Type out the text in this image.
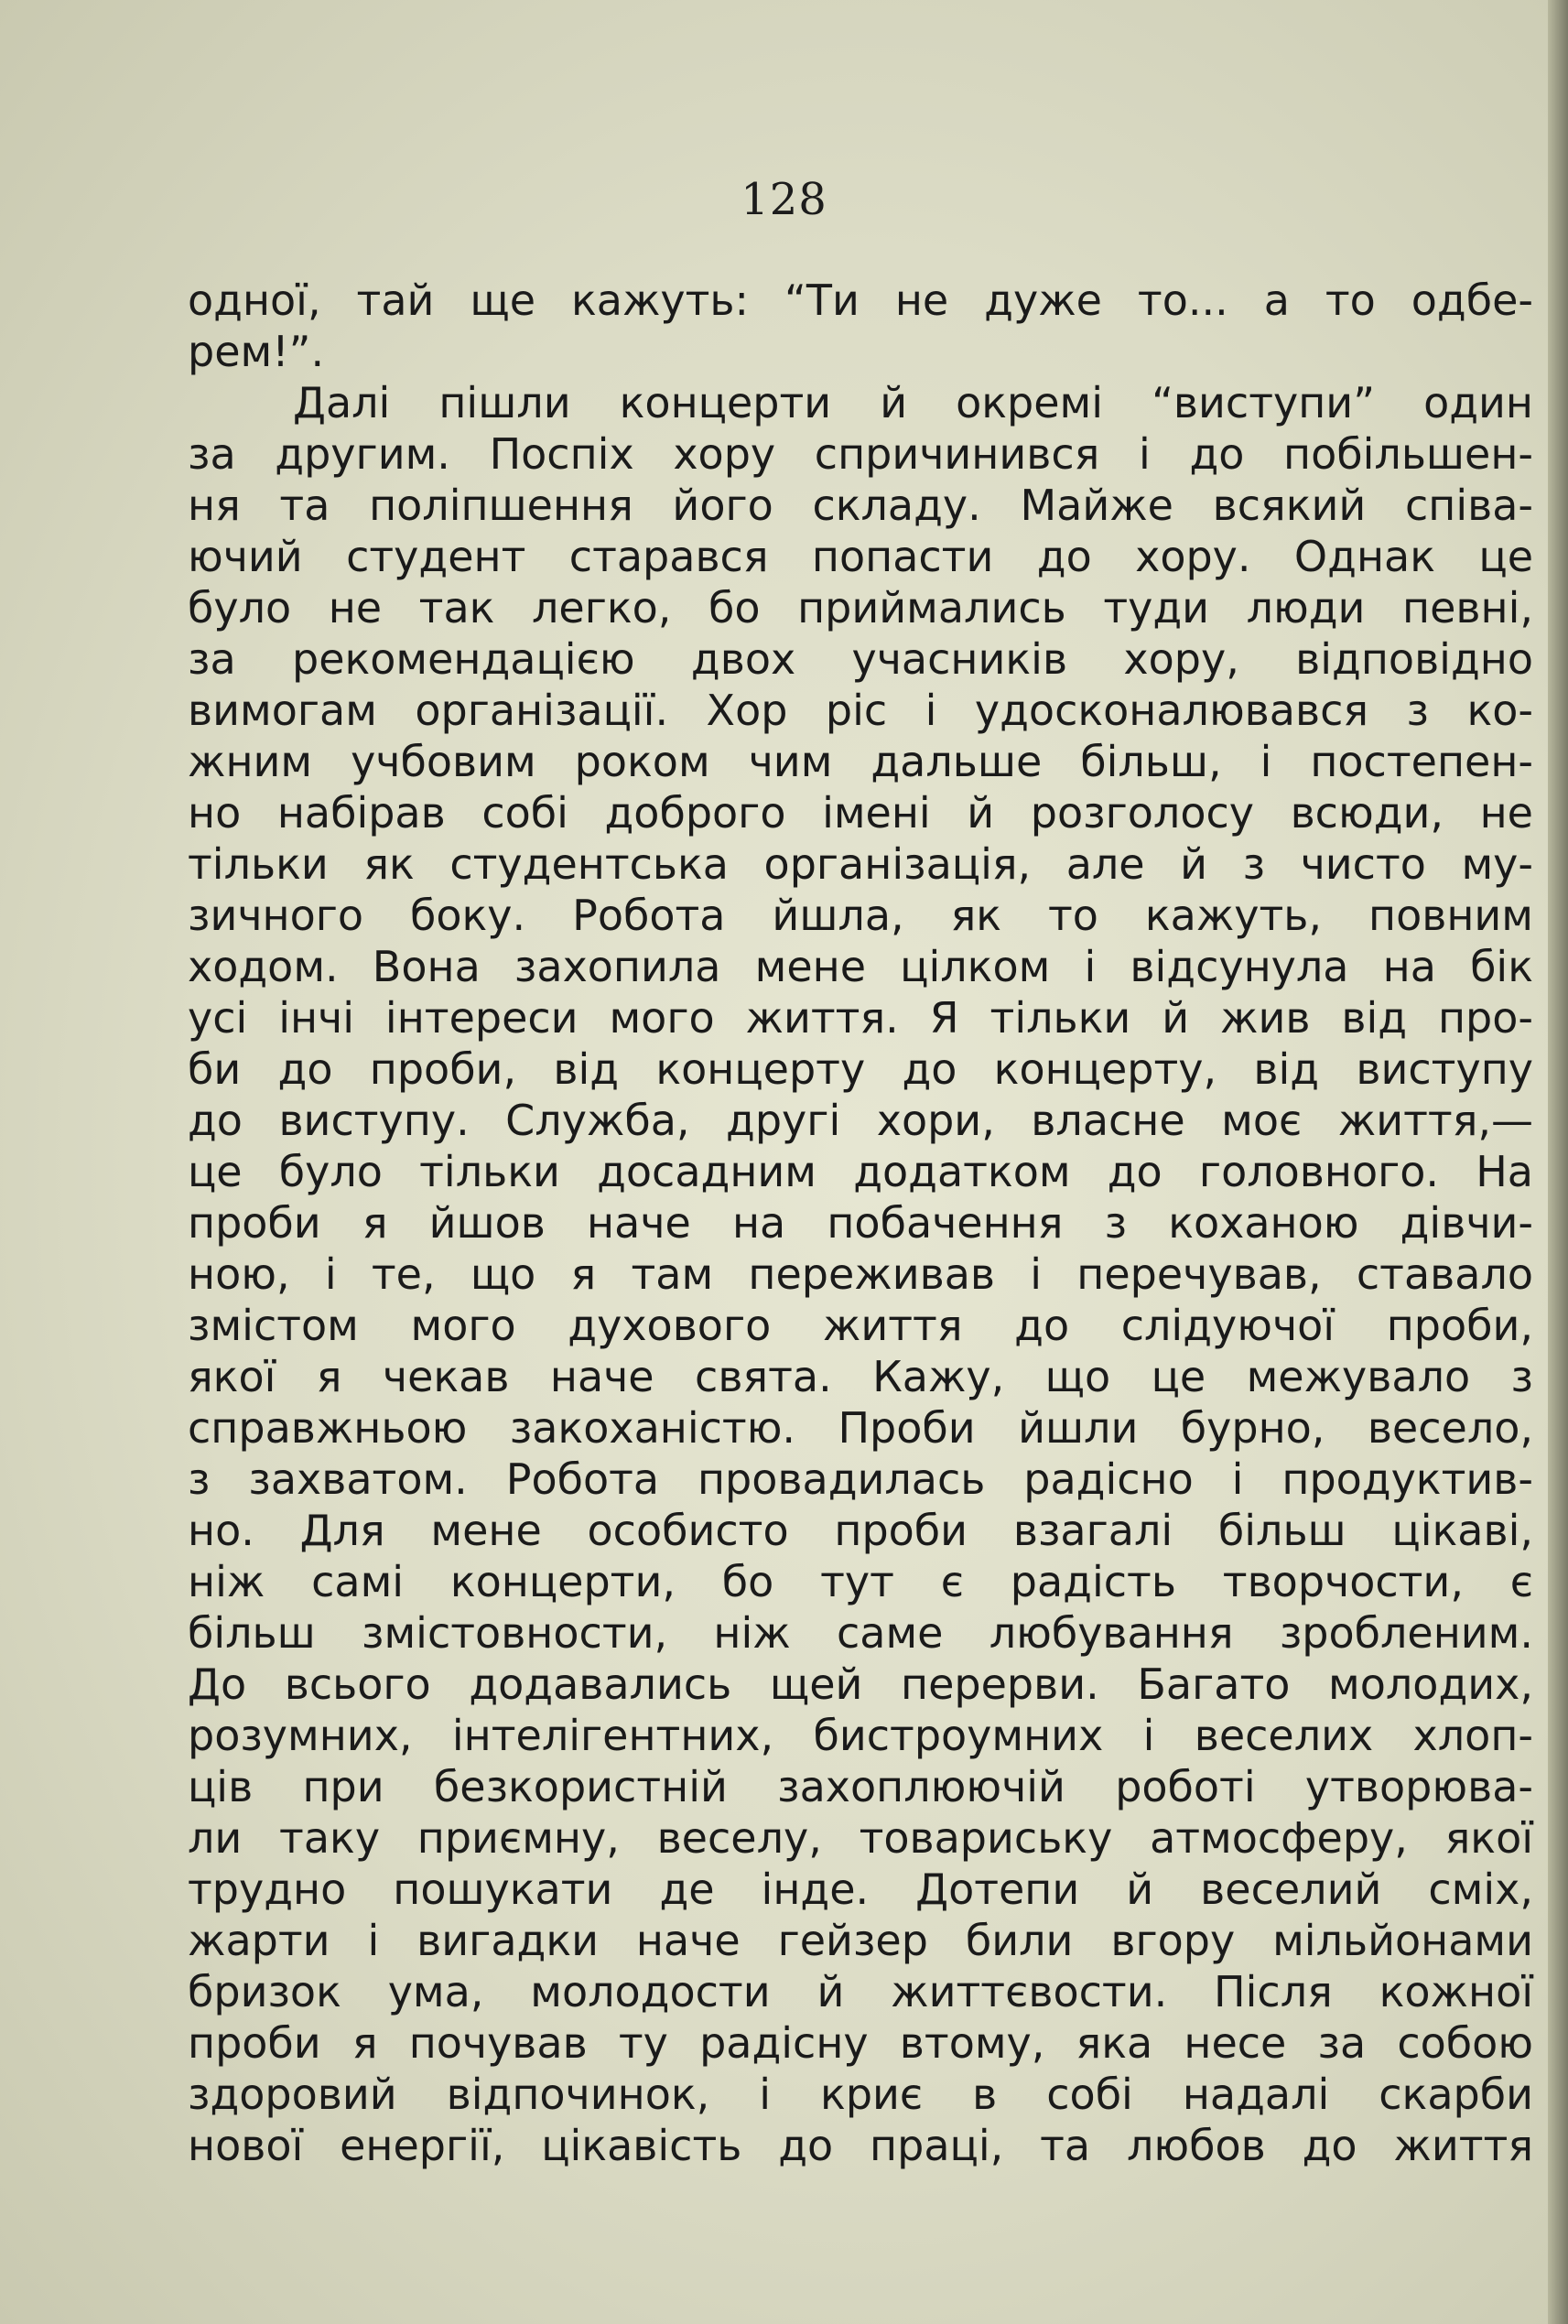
128
одної, тай ще кажуть: “Ти не дуже то... а то одбе-
рем!”.
Далі пішли концерти й окремі “виступи” один
за другим. Поспіх хору спричинився і до побільшен-
ня та поліпшення його складу. Майже всякий співа-
ючий студент старався попасти до хору. Однак це
було не так легко, бо приймались туди люди певні,
за рекомендацією двох учасників хору, відповідно
вимогам організації. Хор ріс і удосконалювався з ко-
жним учбовим роком чим дальше більш, і постепен-
но набірав собі доброго імені й розголосу всюди, не
тільки як студентська організація, але й з чисто му-
зичного боку. Робота йшла, як то кажуть, повним
ходом. Вона захопила мене цілком і відсунула на бік
усі інчі інтереси мого життя. Я тільки й жив від про-
би до проби, від концерту до концерту, від виступу
до виступу. Служба, другі хори, власне моє життя,—
це було тільки досадним додатком до головного. На
проби я йшов наче на побачення з коханою дівчи-
ною, і те, що я там переживав і перечував, ставало
змістом мого духового життя до слідуючої проби,
якої я чекав наче свята. Кажу, що це межувало з
справжньою закоханістю. Проби йшли бурно, весело,
з захватом. Робота провадилась радісно і продуктив-
но. Для мене особисто проби взагалі більш цікаві,
ніж самі концерти, бо тут є радість творчости, є
більш змістовности, ніж саме любування зробленим.
До всього додавались щей перерви. Багато молодих,
розумних, інтелігентних, бистроумних і веселих хлоп-
ців при безкористній захоплюючій роботі утворюва-
ли таку приємну, веселу, товариську атмосферу, якої
трудно пошукати де інде. Дотепи й веселий сміх,
жарти і вигадки наче гейзер били вгору мільйонами
бризок ума, молодости й життєвости. Після кожної
проби я почував ту радісну втому, яка несе за собою
здоровий відпочинок, і криє в собі надалі скарби
нової енергії, цікавість до праці, та любов до життя
